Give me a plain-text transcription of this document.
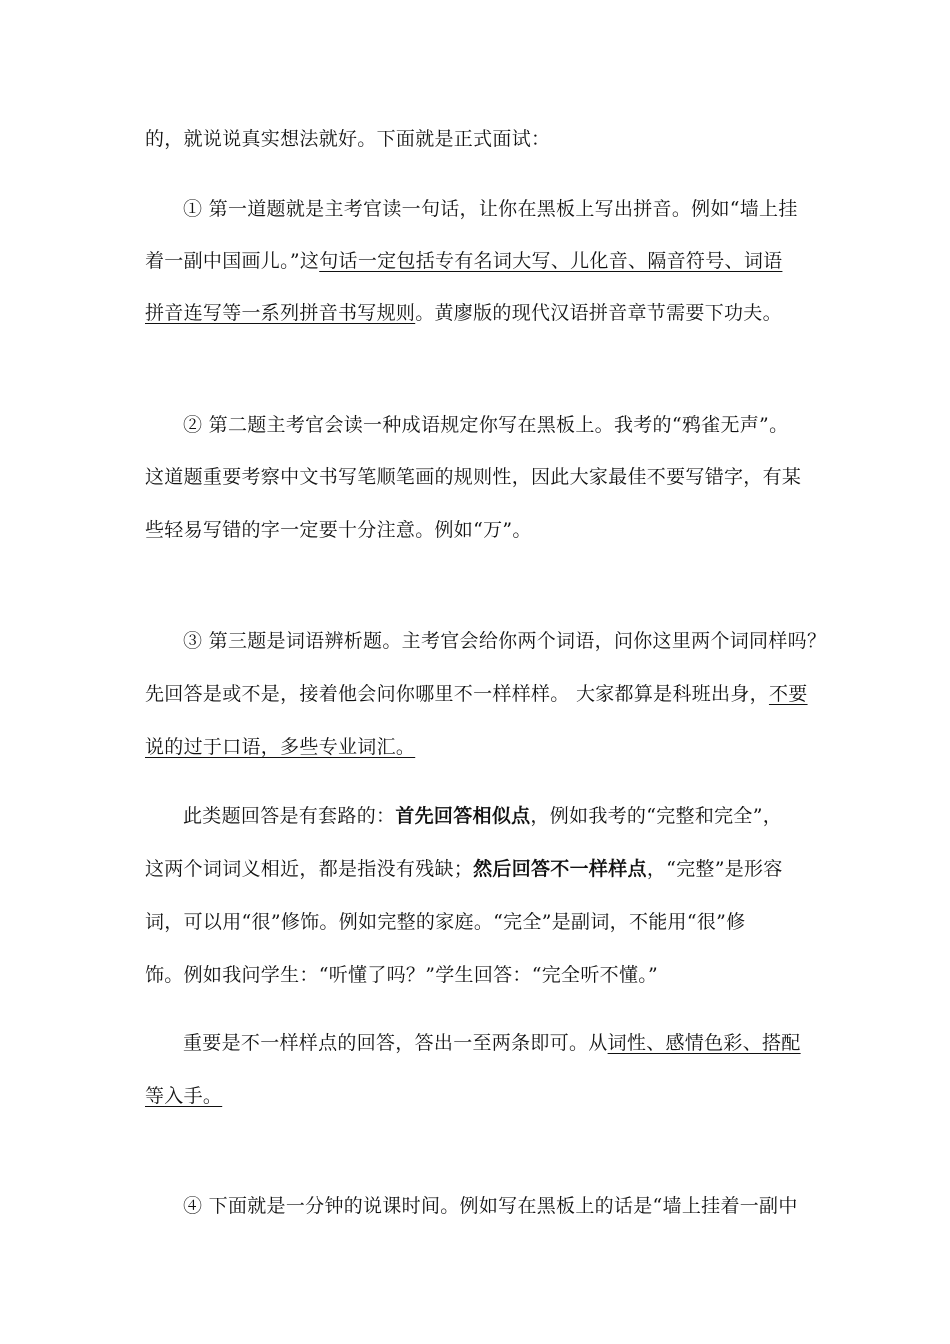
的，就说说真实想法就好。下面就是正式面试：
① 第一道题就是主考官读一句话，让你在黑板上写出拼音。例如“墙上挂
着一副中国画儿。”这句话一定包括专有名词大写、儿化音、隔音符号、词语
拼音连写等一系列拼音书写规则。黄廖版的现代汉语拼音章节需要下功夫。
② 第二题主考官会读一种成语规定你写在黑板上。我考的“鸦雀无声”。
这道题重要考察中文书写笔顺笔画的规则性，因此大家最佳不要写错字，有某
些轻易写错的字一定要十分注意。例如“万”。
③ 第三题是词语辨析题。主考官会给你两个词语，问你这里两个词同样吗？
先回答是或不是，接着他会问你哪里不一样样样。 大家都算是科班出身，不要
说的过于口语，多些专业词汇。
此类题回答是有套路的：首先回答相似点，例如我考的“完整和完全”，
这两个词词义相近，都是指没有残缺；然后回答不一样样点，“完整”是形容
词，可以用“很”修饰。例如完整的家庭。“完全”是副词，不能用“很”修
饰。例如我问学生：“听懂了吗？”学生回答：“完全听不懂。”
重要是不一样样点的回答，答出一至两条即可。从词性、感情色彩、搭配
等入手。
④ 下面就是一分钟的说课时间。例如写在黑板上的话是“墙上挂着一副中
